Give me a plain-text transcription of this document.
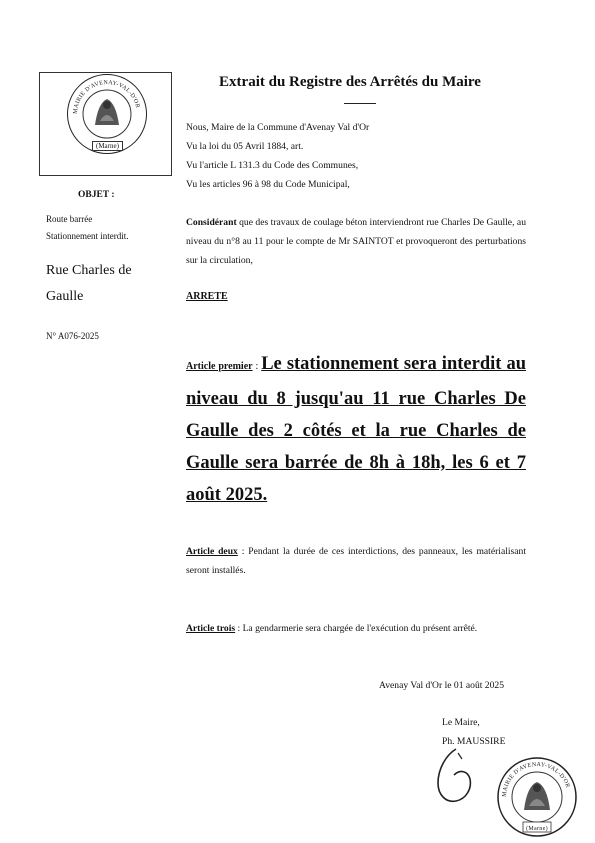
MAIRIE D'AVENAY-VAL-D'OR
(Marne)
Extrait du Registre des Arrêtés du Maire
OBJET :
Route barrée
Stationnement interdit.
Rue Charles de
Gaulle
N° A076-2025
Nous, Maire de la Commune d'Avenay Val d'Or
Vu la loi du 05 Avril 1884, art.
Vu l'article L 131.3 du Code des Communes,
Vu les articles 96 à 98 du Code Municipal,
Considérant que des travaux de coulage béton interviendront rue Charles De Gaulle, au niveau du n°8 au 11 pour le compte de Mr SAINTOT et provoqueront des perturbations sur la circulation,
ARRETE
Article premier : Le stationnement sera interdit au niveau du 8 jusqu'au 11 rue Charles De Gaulle des 2 côtés et la rue Charles de Gaulle sera barrée de 8h à 18h, les 6 et 7 août 2025.
Article deux : Pendant la durée de ces interdictions, des panneaux, les matérialisant seront installés.
Article trois : La gendarmerie sera chargée de l'exécution du présent arrêté.
Avenay Val d'Or le 01 août 2025
Le Maire,
Ph. MAUSSIRE
MAIRIE D'AVENAY-VAL-D'OR
(Marne)
